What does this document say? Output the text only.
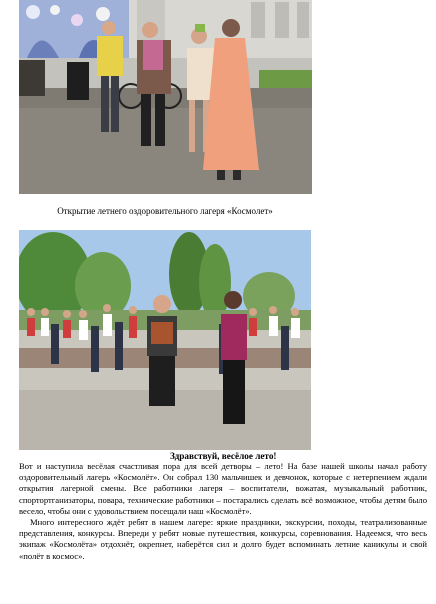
Открытие летнего оздоровительного лагеря «Космолет»
Здравствуй, весёлое лето!

Вот и наступила весёлая счастливая пора для всей детворы – лето! На базе нашей школы начал работу оздоровительный лагерь «Космолёт». Он собрал 130 мальчишек и девчонок, которые с нетерпением ждали открытия лагерной смены. Все работники лагеря – воспитатели, вожатая, музыкальный работник, спортортганизаторы, повара, технические работники – постарались сделать всё возможное, чтобы детям было весело, чтобы они с удовольствием посещали наш «Космолёт».

Много интересного ждёт ребят в нашем лагере: яркие праздники, экскурсии, походы, театрализованные представления, конкурсы. Впереди у ребят новые путешествия, конкурсы, соревнования. Надеемся, что весь экипаж «Космолёта» отдохнёт, окрепнет, наберётся сил и долго будет вспоминать летние каникулы и свой «полёт в космос».
